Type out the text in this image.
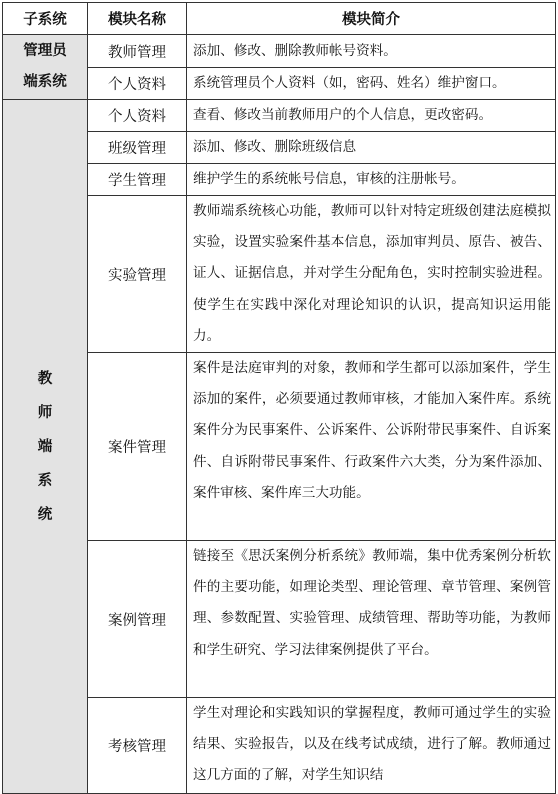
子系统	模块名称	模块简介

管理员端系统	教师管理	添加、修改、删除教师帐号资料。
	个人资料	系统管理员个人资料（如，密码、姓名）维护窗口。

教师端系统	个人资料	查看、修改当前教师用户的个人信息，更改密码。
	班级管理	添加、修改、删除班级信息
	学生管理	维护学生的系统帐号信息，审核的注册帐号。
	实验管理	教师端系统核心功能，教师可以针对特定班级创建法庭模拟实验，设置实验案件基本信息，添加审判员、原告、被告、证人、证据信息，并对学生分配角色，实时控制实验进程。使学生在实践中深化对理论知识的认识，提高知识运用能力。

	案件管理	案件是法庭审判的对象，教师和学生都可以添加案件，学生添加的案件，必须要通过教师审核，才能加入案件库。系统案件分为民事案件、公诉案件、公诉附带民事案件、自诉案件、自诉附带民事案件、行政案件六大类，分为案件添加、案件审核、案件库三大功能。

	案例管理	链接至《思沃案例分析系统》教师端，集中优秀案例分析软件的主要功能，如理论类型、理论管理、章节管理、案例管理、参数配置、实验管理、成绩管理、帮助等功能，为教师和学生研究、学习法律案例提供了平台。

	考核管理	学生对理论和实践知识的掌握程度，教师可通过学生的实验结果、实验报告，以及在线考试成绩，进行了解。教师通过这几方面的了解，对学生知识结
